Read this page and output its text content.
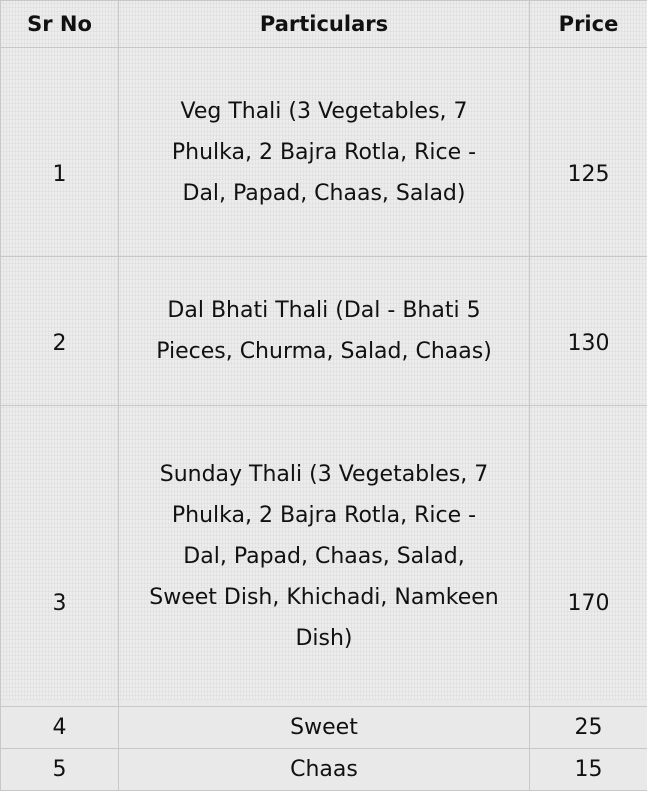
Sr No	Particulars	Price
1	Veg Thali (3 Vegetables, 7 Phulka, 2 Bajra Rotla, Rice - Dal, Papad, Chaas, Salad)	125
2	Dal Bhati Thali (Dal - Bhati 5 Pieces, Churma, Salad, Chaas)	130
3	Sunday Thali (3 Vegetables, 7 Phulka, 2 Bajra Rotla, Rice - Dal, Papad, Chaas, Salad, Sweet Dish, Khichadi, Namkeen Dish)	170
4	Sweet	25
5	Chaas	15
